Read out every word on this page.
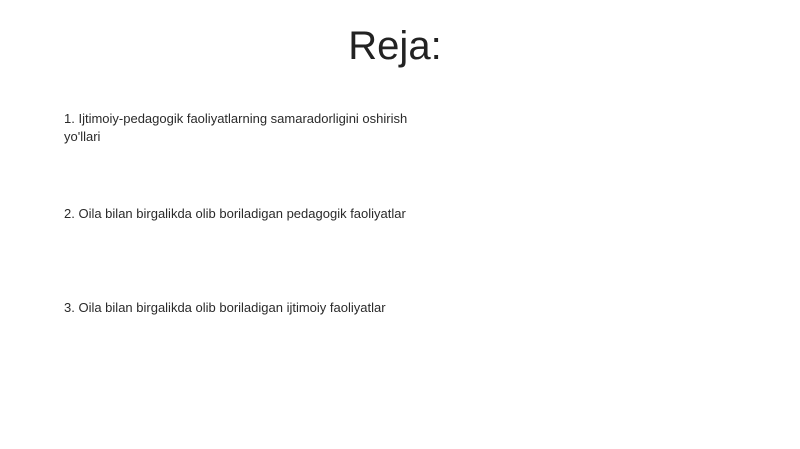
Reja:
1. Ijtimoiy-pedagogik faoliyatlarning samaradorligini oshirish yo'llari
2. Oila bilan birgalikda olib boriladigan pedagogik faoliyatlar
3. Oila bilan birgalikda olib boriladigan ijtimoiy faoliyatlar
